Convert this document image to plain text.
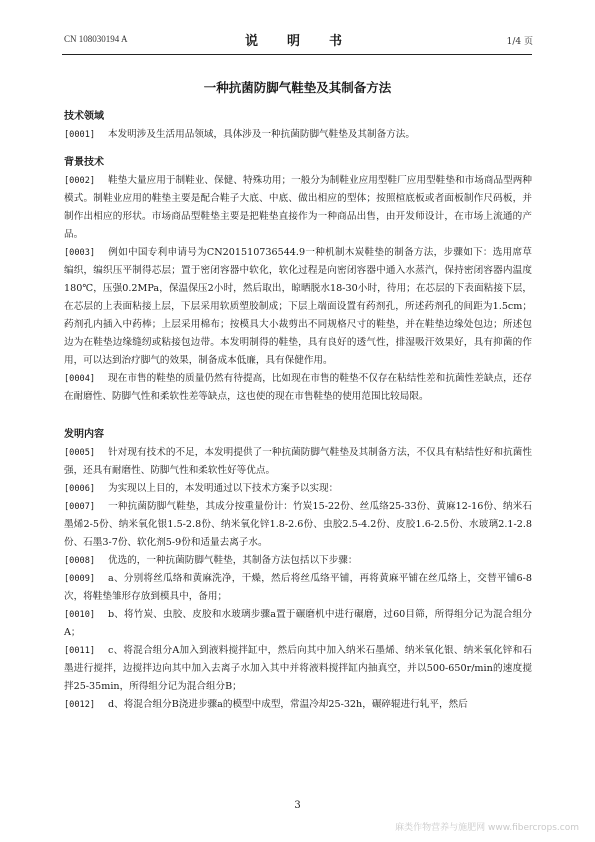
CN 108030194 A	说　明　书	1/4 页
一种抗菌防脚气鞋垫及其制备方法
技术领域
[0001] 本发明涉及生活用品领域，具体涉及一种抗菌防脚气鞋垫及其制备方法。
背景技术
[0002] 鞋垫大量应用于制鞋业、保健、特殊功用；一般分为制鞋业应用型鞋厂应用型鞋垫和市场商品型两种模式。制鞋业应用的鞋垫主要是配合鞋子大底、中底、做出相应的型体；按照楦底板或者面板制作尺码板，并制作出相应的形状。市场商品型鞋垫主要是把鞋垫直接作为一种商品出售，由开发师设计，在市场上流通的产品。
[0003] 例如中国专利申请号为CN201510736544.9一种机制木炭鞋垫的制备方法，步骤如下：选用席草编织，编织压平制得芯层；置于密闭容器中软化，软化过程是向密闭容器中通入水蒸汽，保持密闭容器内温度180℃，压强0.2MPa，保温保压2小时，然后取出，晾晒脱水18-30小时，待用；在芯层的下表面粘接下层，在芯层的上表面粘接上层，下层采用软质塑胶制成；下层上端面设置有药剂孔，所述药剂孔的间距为1.5cm；药剂孔内插入中药棒；上层采用棉布；按模具大小裁剪出不同规格尺寸的鞋垫，并在鞋垫边缘处包边；所述包边为在鞋垫边缘缝纫或粘接包边带。本发明制得的鞋垫，具有良好的透气性，排湿吸汗效果好，具有抑菌的作用，可以达到治疗脚气的效果，制备成本低廉，具有保健作用。
[0004] 现在市售的鞋垫的质量仍然有待提高，比如现在市售的鞋垫不仅存在粘结性差和抗菌性差缺点，还存在耐磨性、防脚气性和柔软性差等缺点，这也使的现在市售鞋垫的使用范围比较局限。
发明内容
[0005] 针对现有技术的不足，本发明提供了一种抗菌防脚气鞋垫及其制备方法，不仅具有粘结性好和抗菌性强，还具有耐磨性、防脚气性和柔软性好等优点。
[0006] 为实现以上目的，本发明通过以下技术方案予以实现：
[0007] 一种抗菌防脚气鞋垫，其成分按重量份计：竹炭15-22份、丝瓜络25-33份、黄麻12-16份、纳米石墨烯2-5份、纳米氧化银1.5-2.8份、纳米氧化锌1.8-2.6份、虫胶2.5-4.2份、皮胶1.6-2.5份、水玻璃2.1-2.8份、石墨3-7份、软化剂5-9份和适量去离子水。
[0008] 优选的，一种抗菌防脚气鞋垫，其制备方法包括以下步骤：
[0009] a、分别将丝瓜络和黄麻洗净，干燥，然后将丝瓜络平铺，再将黄麻平铺在丝瓜络上，交替平铺6-8次，将鞋垫雏形存放到模具中，备用；
[0010] b、将竹炭、虫胶、皮胶和水玻璃步骤a置于碾磨机中进行碾磨，过60目筛，所得组分记为混合组分A；
[0011] c、将混合组分A加入到液料搅拌缸中，然后向其中加入纳米石墨烯、纳米氧化银、纳米氧化锌和石墨进行搅拌，边搅拌边向其中加入去离子水加入其中并将液料搅拌缸内抽真空，并以500-650r/min的速度搅拌25-35min，所得组分记为混合组分B；
[0012] d、将混合组分B浇进步骤a的模型中成型，常温冷却25-32h，碾碎辊进行轧平，然后
3
麻类作物营养与施肥网 www.fibercrops.com
